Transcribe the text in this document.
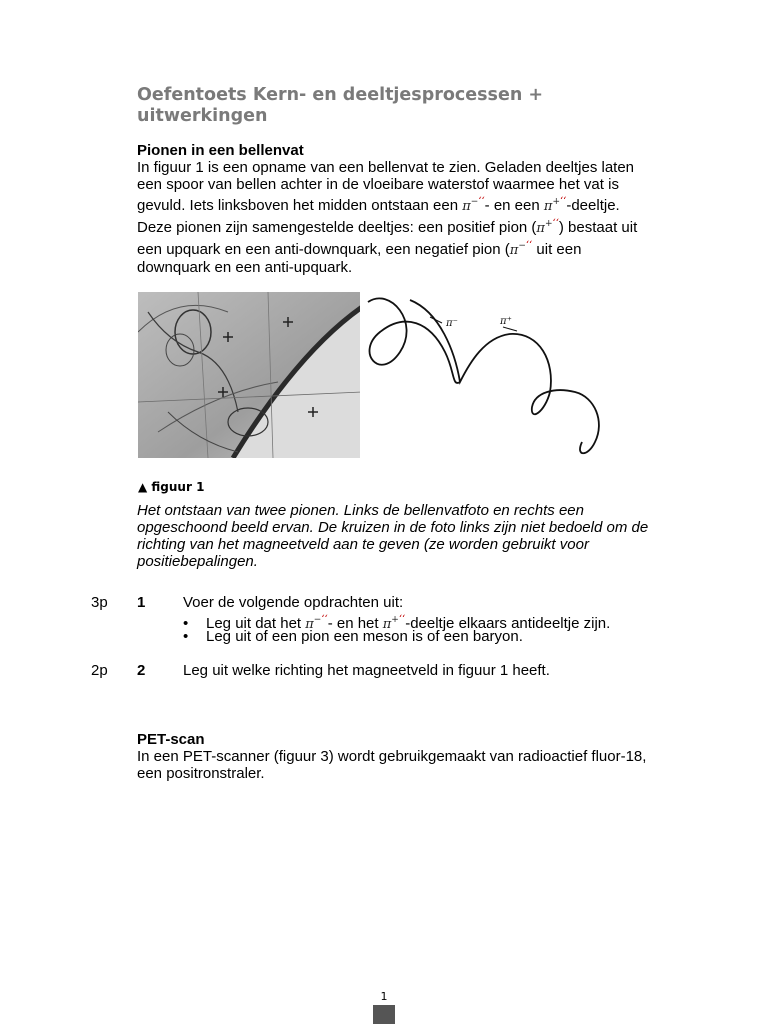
Oefentoets Kern- en deeltjesprocessen + uitwerkingen
Pionen in een bellenvat
In figuur 1 is een opname van een bellenvat te zien. Geladen deeltjes laten
een spoor van bellen achter in de vloeibare waterstof waarmee het vat is
gevuld. Iets linksboven het midden ontstaan een $\pi^{-ʻʻ}-$ en een $\pi^{+ʻʻ}$-deeltje.
Deze pionen zijn samengestelde deeltjes: een positief pion $(\pi^{+ʻʻ})$ bestaat uit
een upquark en een anti-downquark, een negatief pion ($\pi^{-ʻʻ}$ uit een
downquark en een anti-upquark.
π⁻	π⁺
▲ figuur 1
Het ontstaan van twee pionen. Links de bellenvatfoto en rechts een
opgeschoond beeld ervan. De kruizen in de foto links zijn niet bedoeld om de
richting van het magneetveld aan te geven (ze worden gebruikt voor
positiebepalingen.
3p 1	Voer de volgende opdrachten uit:
• Leg uit dat het $\pi^{-ʻʻ}-$ en het $\pi^{+ʻʻ}$-deeltje elkaars antideeltje zijn.
• Leg uit of een pion een meson is of een baryon.
2p 2	Leg uit welke richting het magneetveld in figuur 1 heeft.
PET-scan
In een PET-scanner (figuur 3) wordt gebruikgemaakt van radioactief fluor-18,
een positronstraler.
1
